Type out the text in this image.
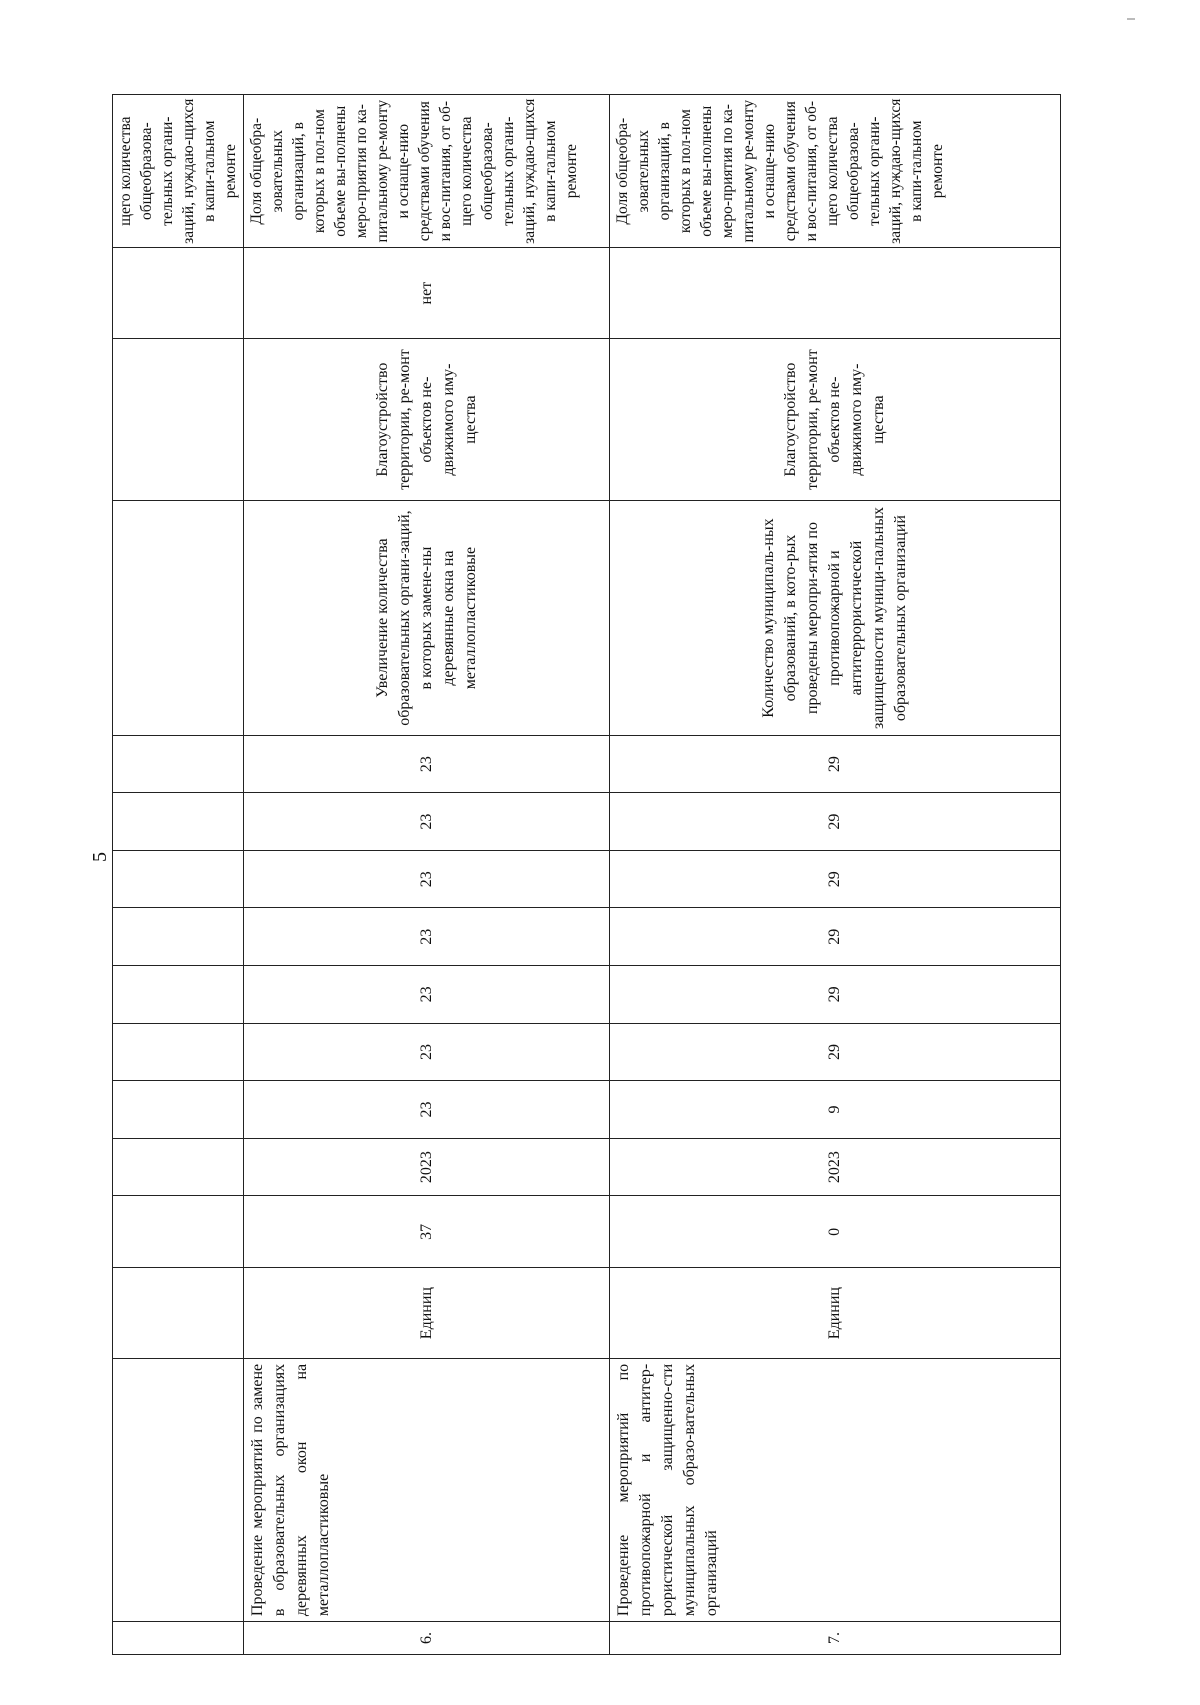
5
															щего количества общеобразова-тельных органи-заций, нуждаю-щихся в капи-тальном ремонте
6.	Проведение мероприятий по замене в образовательных организациях деревянных окон на металлопластиковые	Единиц	37	2023	23	23	23	23	23	23	23	Увеличение количества образовательных органи-заций, в которых замене-ны деревянные окна на металлопластиковые	Благоустройство территории, ре-монт объектов не-движимого иму-щества	нет	Доля общеобра-зовательных организаций, в которых в пол-ном объеме вы-полнены меро-приятия по ка-питальному ре-монту и оснаще-нию средствами обучения и вос-питания, от об-щего количества общеобразова-тельных органи-заций, нуждаю-щихся в капи-тальном ремонте
7.	Проведение мероприятий по противопожарной и антитер-рористической защищенно-сти муниципальных образо-вательных организаций	Единиц	0	2023	9	29	29	29	29	29	29	Количество муниципаль-ных образований, в кото-рых проведены меропри-ятия по противопожарной и антитеррористической защищенности муници-пальных образовательных организаций	Благоустройство территории, ре-монт объектов не-движимого иму-щества		Доля общеобра-зовательных организаций, в которых в пол-ном объеме вы-полнены меро-приятия по ка-питальному ре-монту и оснаще-нию средствами обучения и вос-питания, от об-щего количества общеобразова-тельных органи-заций, нуждаю-щихся в капи-тальном ремонте
